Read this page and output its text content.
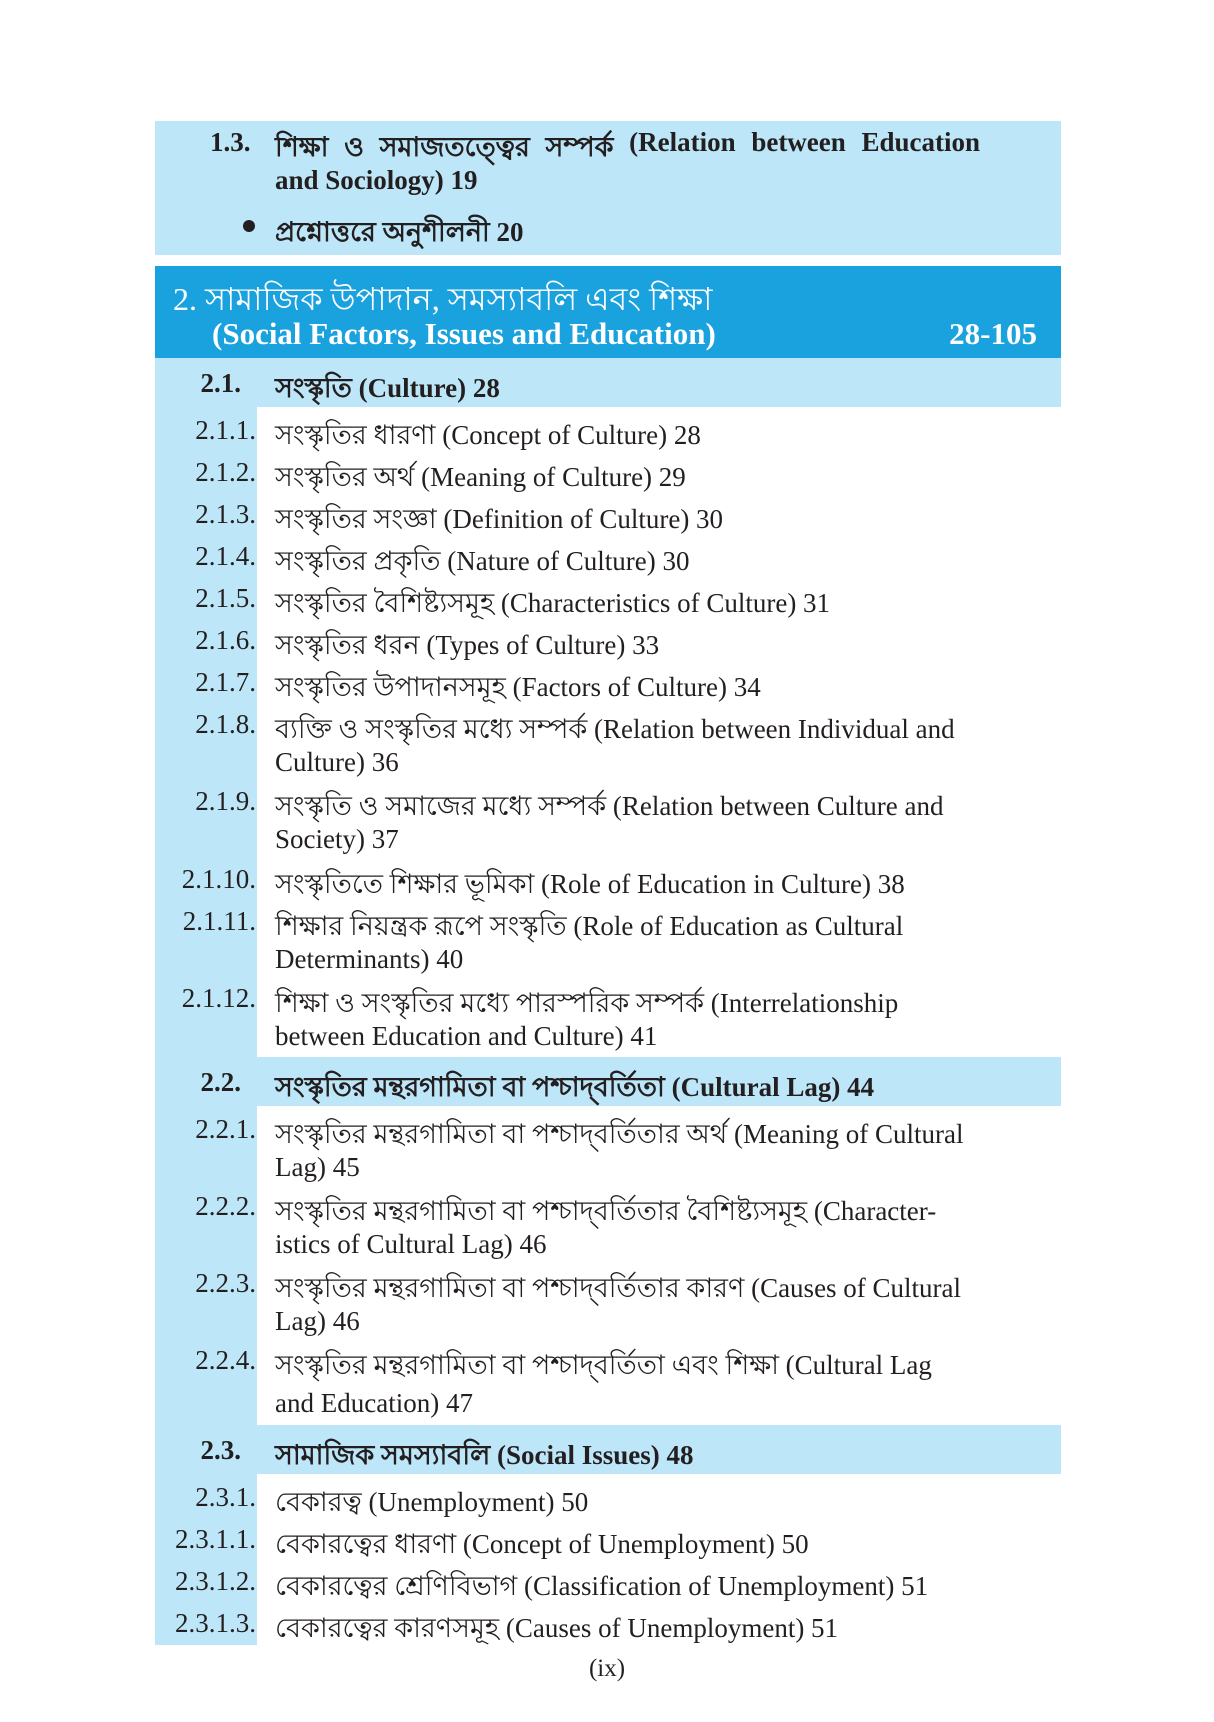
1.3. শিক্ষা ও সমাজতত্ত্বের সম্পর্ক (Relation between Education
and Sociology) 19
প্রশ্নোত্তরে অনুশীলনী 20
2. সামাজিক উপাদান, সমস্যাবলি এবং শিক্ষা
(Social Factors, Issues and Education)	28-105
2.1. সংস্কৃতি (Culture) 28
2.1.1. সংস্কৃতির ধারণা (Concept of Culture) 28
2.1.2. সংস্কৃতির অর্থ (Meaning of Culture) 29
2.1.3. সংস্কৃতির সংজ্ঞা (Definition of Culture) 30
2.1.4. সংস্কৃতির প্রকৃতি (Nature of Culture) 30
2.1.5. সংস্কৃতির বৈশিষ্ট্যসমূহ (Characteristics of Culture) 31
2.1.6. সংস্কৃতির ধরন (Types of Culture) 33
2.1.7. সংস্কৃতির উপাদানসমূহ (Factors of Culture) 34
2.1.8. ব্যক্তি ও সংস্কৃতির মধ্যে সম্পর্ক (Relation between Individual and
Culture) 36
2.1.9. সংস্কৃতি ও সমাজের মধ্যে সম্পর্ক (Relation between Culture and
Society) 37
2.1.10. সংস্কৃতিতে শিক্ষার ভূমিকা (Role of Education in Culture) 38
2.1.11. শিক্ষার নিয়ন্ত্রক রূপে সংস্কৃতি (Role of Education as Cultural
Determinants) 40
2.1.12. শিক্ষা ও সংস্কৃতির মধ্যে পারস্পরিক সম্পর্ক (Interrelationship
between Education and Culture) 41
2.2. সংস্কৃতির মন্থরগামিতা বা পশ্চাদ্‌বর্তিতা (Cultural Lag) 44
2.2.1. সংস্কৃতির মন্থরগামিতা বা পশ্চাদ্‌বর্তিতার অর্থ (Meaning of Cultural
Lag) 45
2.2.2. সংস্কৃতির মন্থরগামিতা বা পশ্চাদ্‌বর্তিতার বৈশিষ্ট্যসমূহ (Character-
istics of Cultural Lag) 46
2.2.3. সংস্কৃতির মন্থরগামিতা বা পশ্চাদ্‌বর্তিতার কারণ (Causes of Cultural
Lag) 46
2.2.4. সংস্কৃতির মন্থরগামিতা বা পশ্চাদ্‌বর্তিতা এবং শিক্ষা (Cultural Lag
and Education) 47
2.3. সামাজিক সমস্যাবলি (Social Issues) 48
2.3.1. বেকারত্ব (Unemployment) 50
2.3.1.1. বেকারত্বের ধারণা (Concept of Unemployment) 50
2.3.1.2. বেকারত্বের শ্রেণিবিভাগ (Classification of Unemployment) 51
2.3.1.3. বেকারত্বের কারণসমূহ (Causes of Unemployment) 51
(ix)
